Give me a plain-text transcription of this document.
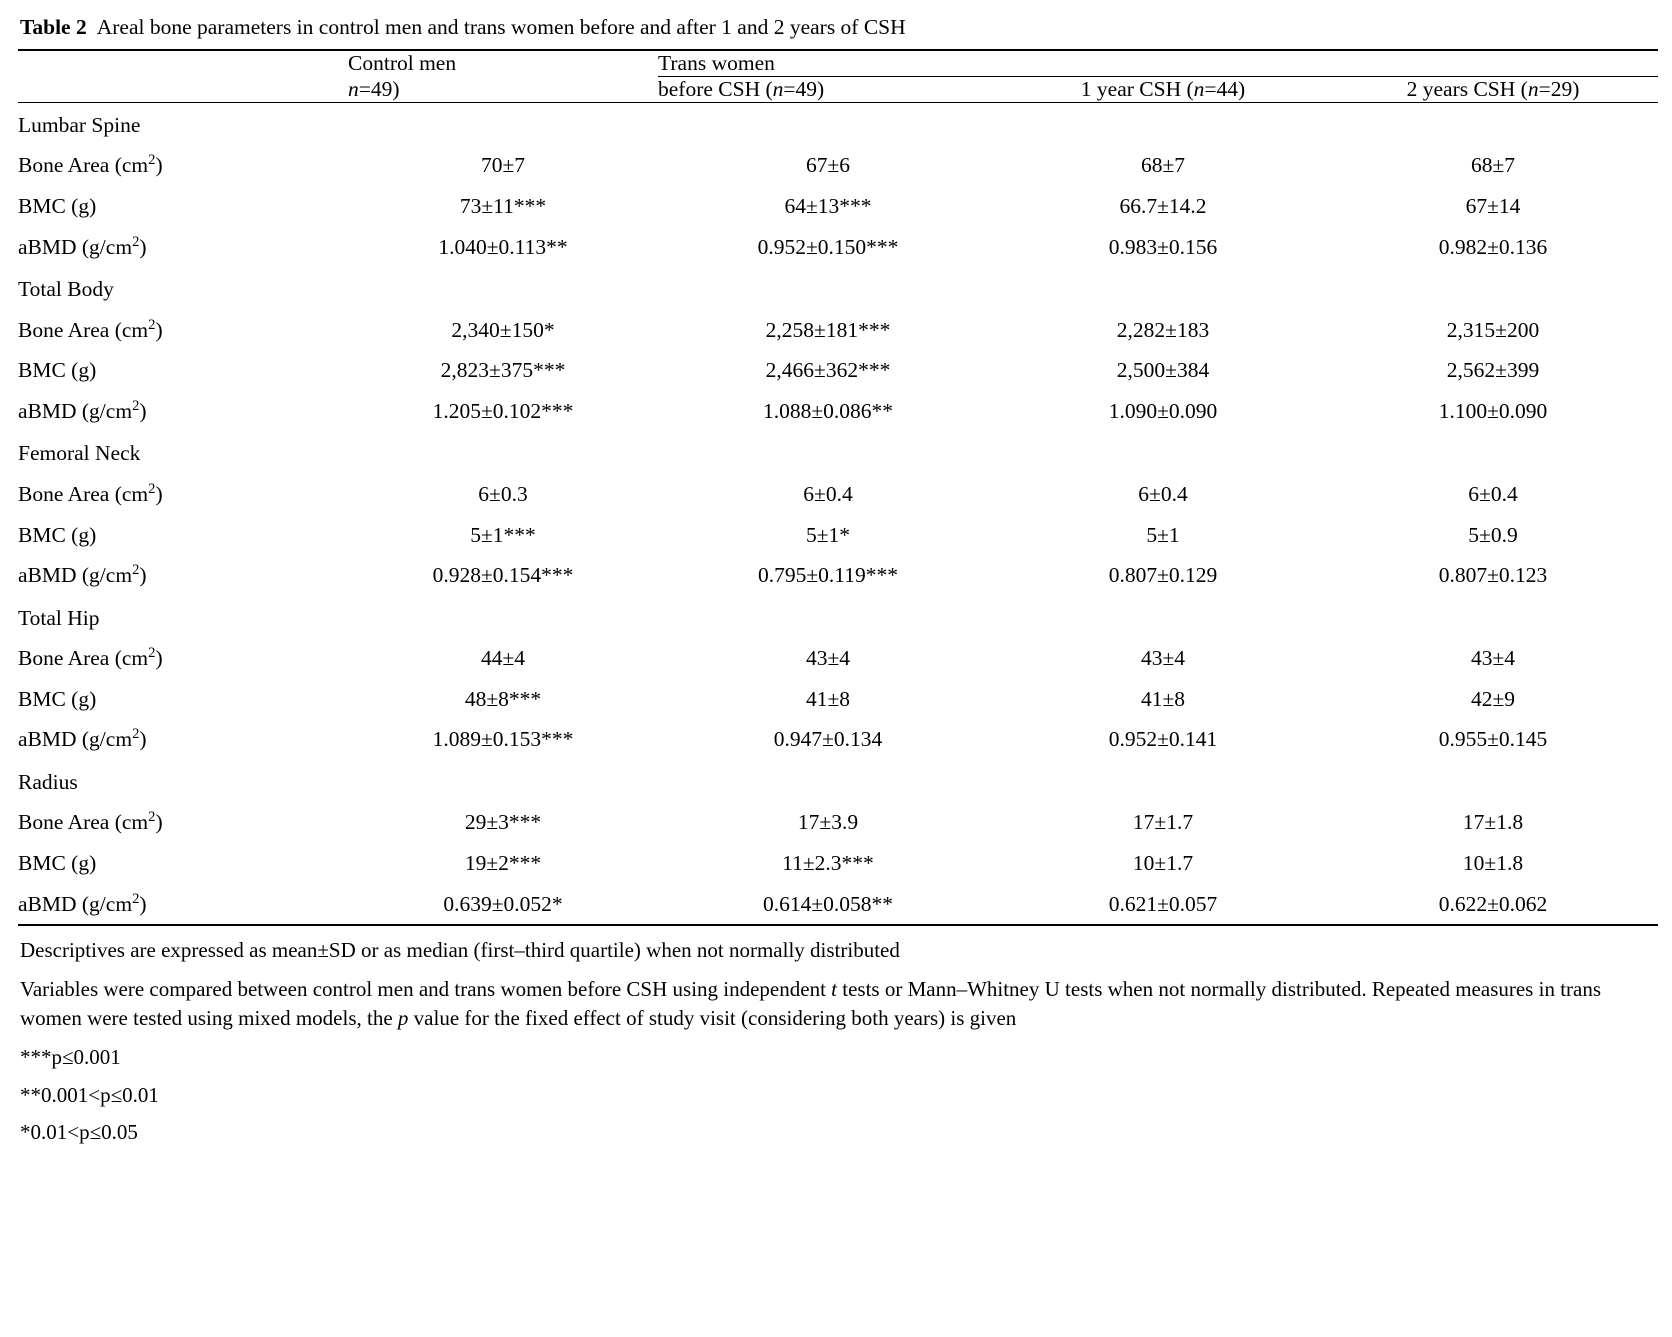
Table 2 Areal bone parameters in control men and trans women before and after 1 and 2 years of CSH
	Control men	Trans women		
	n=49)	before CSH (n=49)	1 year CSH (n=44)	2 years CSH (n=29)
Lumbar Spine				
Bone Area $(cm^2)$	70±7	67±6	68±7	68±7
BMC (g)	73±11***	64±13***	66.7±14.2	67±14
aBMD $(g/cm^2)$	1.040±0.113**	0.952±0.150***	0.983±0.156	0.982±0.136
Total Body				
Bone Area $(cm^2)$	2,340±150*	2,258±181***	2,282±183	2,315±200
BMC (g)	2,823±375***	2,466±362***	2,500±384	2,562±399
aBMD $(g/cm^2)$	1.205±0.102***	1.088±0.086**	1.090±0.090	1.100±0.090
Femoral Neck				
Bone Area $(cm^2)$	6±0.3	6±0.4	6±0.4	6±0.4
BMC (g)	5±1***	5±1*	5±1	5±0.9
aBMD $(g/cm^2)$	0.928±0.154***	0.795±0.119***	0.807±0.129	0.807±0.123
Total Hip				
Bone Area $(cm^2)$	44±4	43±4	43±4	43±4
BMC (g)	48±8***	41±8	41±8	42±9
aBMD $(g/cm^2)$	1.089±0.153***	0.947±0.134	0.952±0.141	0.955±0.145
Radius				
Bone Area $(cm^2)$	29±3***	17±3.9	17±1.7	17±1.8
BMC (g)	19±2***	11±2.3***	10±1.7	10±1.8
aBMD $(g/cm^2)$	0.639±0.052*	0.614±0.058**	0.621±0.057	0.622±0.062

Descriptives are expressed as mean±SD or as median (first–third quartile) when not normally distributed

Variables were compared between control men and trans women before CSH using independent t tests or Mann–Whitney U tests when not normally distributed. Repeated measures in trans women were tested using mixed models, the p value for the fixed effect of study visit (considering both years) is given

***p≤0.001

**0.001<p≤0.01

*0.01<p≤0.05
